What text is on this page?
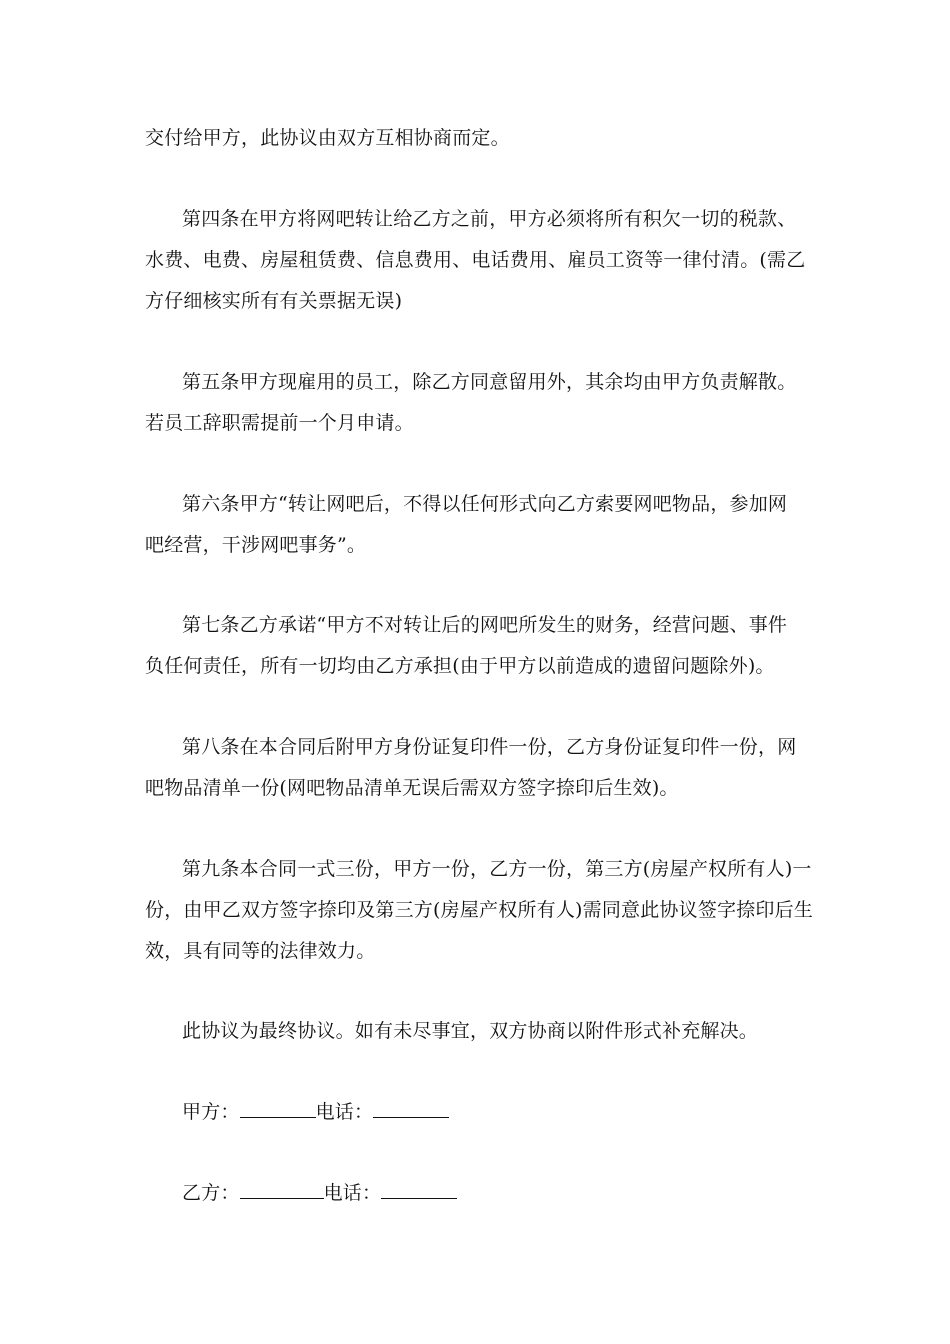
交付给甲方，此协议由双方互相协商而定。
第四条在甲方将网吧转让给乙方之前，甲方必须将所有积欠一切的税款、
水费、电费、房屋租赁费、信息费用、电话费用、雇员工资等一律付清。(需乙
方仔细核实所有有关票据无误)
第五条甲方现雇用的员工，除乙方同意留用外，其余均由甲方负责解散。
若员工辞职需提前一个月申请。
第六条甲方“转让网吧后，不得以任何形式向乙方索要网吧物品，参加网
吧经营，干涉网吧事务”。
第七条乙方承诺“甲方不对转让后的网吧所发生的财务，经营问题、事件
负任何责任，所有一切均由乙方承担(由于甲方以前造成的遗留问题除外)。
第八条在本合同后附甲方身份证复印件一份，乙方身份证复印件一份，网
吧物品清单一份(网吧物品清单无误后需双方签字捺印后生效)。
第九条本合同一式三份，甲方一份，乙方一份，第三方(房屋产权所有人)一
份，由甲乙双方签字捺印及第三方(房屋产权所有人)需同意此协议签字捺印后生
效，具有同等的法律效力。
此协议为最终协议。如有未尽事宜，双方协商以附件形式补充解决。
甲方：	电话：
乙方：	电话：
